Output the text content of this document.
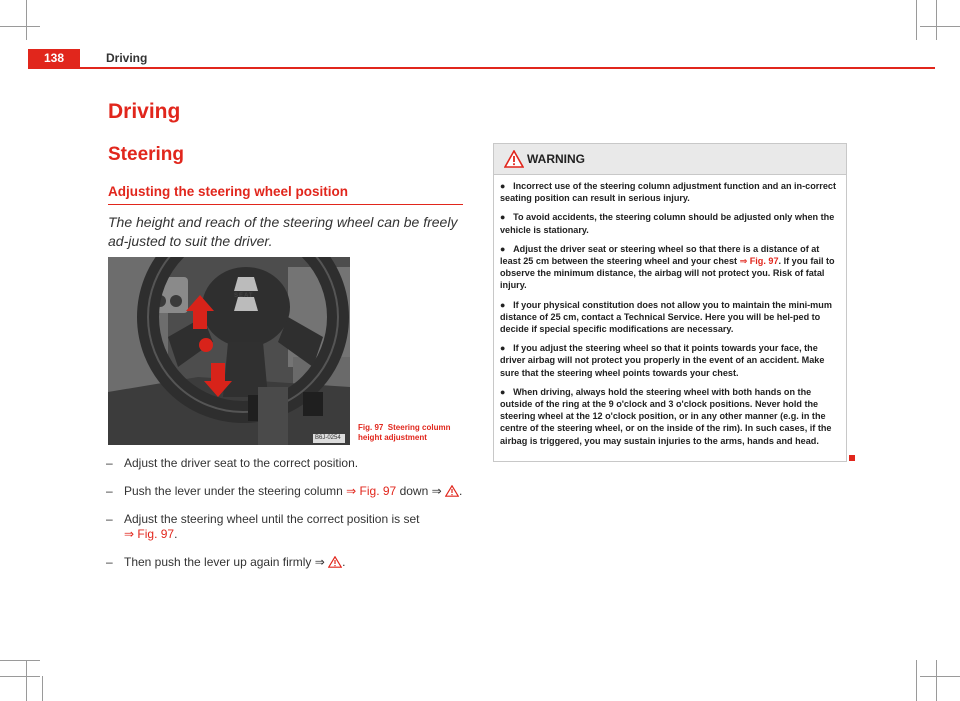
138	Driving
Driving
Steering
Adjusting the steering wheel position
The height and reach of the steering wheel can be freely ad-justed to suit the driver.
SEAT
B6J-0254
Fig. 97 Steering column height adjustment
– Adjust the driver seat to the correct position.
– Push the lever under the steering column ⇒ Fig. 97 down ⇒ .
– Adjust the steering wheel until the correct position is set
⇒ Fig. 97.
– Then push the lever up again firmly ⇒ .
WARNING
● Incorrect use of the steering column adjustment function and an in-correct seating position can result in serious injury.
● To avoid accidents, the steering column should be adjusted only when the vehicle is stationary.
● Adjust the driver seat or steering wheel so that there is a distance of at least 25 cm between the steering wheel and your chest ⇒ Fig. 97. If you fail to observe the minimum distance, the airbag will not protect you. Risk of fatal injury.
● If your physical constitution does not allow you to maintain the mini-mum distance of 25 cm, contact a Technical Service. Here you will be hel-ped to decide if special specific modifications are necessary.
● If you adjust the steering wheel so that it points towards your face, the driver airbag will not protect you properly in the event of an accident. Make sure that the steering wheel points towards your chest.
● When driving, always hold the steering wheel with both hands on the outside of the ring at the 9 o'clock and 3 o'clock positions. Never hold the steering wheel at the 12 o'clock position, or in any other manner (e.g. in the centre of the steering wheel, or on the inside of the rim). In such cases, if the airbag is triggered, you may sustain injuries to the arms, hands and head.
